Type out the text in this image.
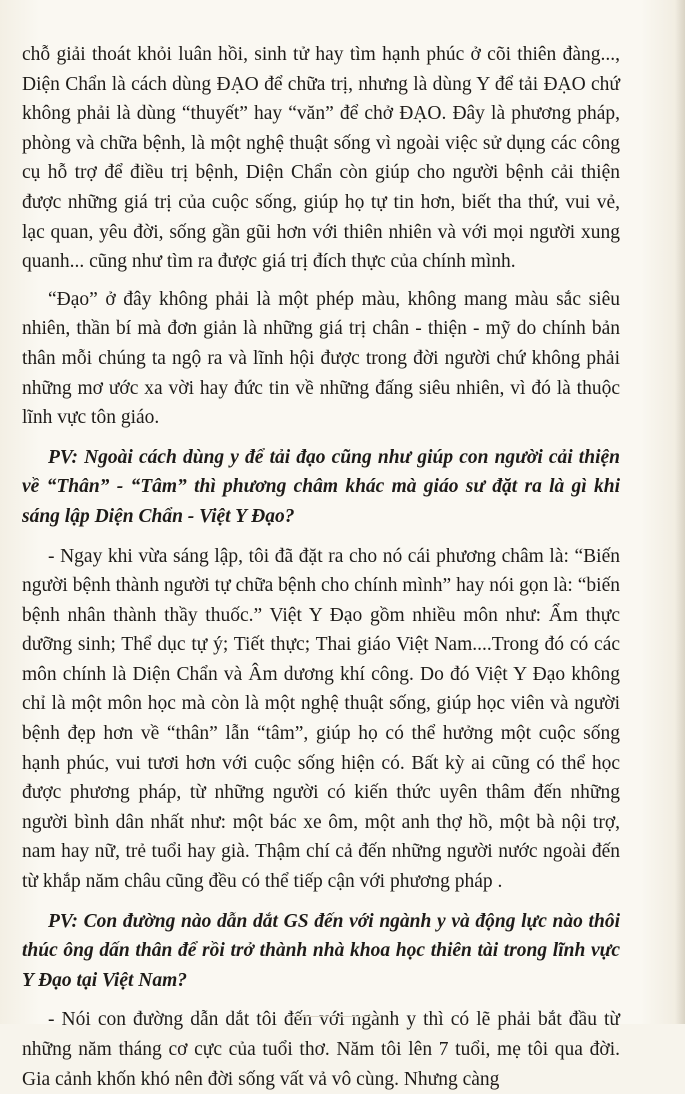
chỗ giải thoát khỏi luân hồi, sinh tử hay tìm hạnh phúc ở cõi thiên đàng..., Diện Chẩn là cách dùng ĐẠO để chữa trị, nhưng là dùng Y để tải ĐẠO chứ không phải là dùng “thuyết” hay “văn” để chở ĐẠO. Đây là phương pháp, phòng và chữa bệnh, là một nghệ thuật sống vì ngoài việc sử dụng các công cụ hỗ trợ để điều trị bệnh, Diện Chẩn còn giúp cho người bệnh cải thiện được những giá trị của cuộc sống, giúp họ tự tin hơn, biết tha thứ, vui vẻ, lạc quan, yêu đời, sống gần gũi hơn với thiên nhiên và với mọi người xung quanh... cũng như tìm ra được giá trị đích thực của chính mình.

“Đạo” ở đây không phải là một phép màu, không mang màu sắc siêu nhiên, thần bí mà đơn giản là những giá trị chân - thiện - mỹ do chính bản thân mỗi chúng ta ngộ ra và lĩnh hội được trong đời người chứ không phải những mơ ước xa vời hay đức tin về những đấng siêu nhiên, vì đó là thuộc lĩnh vực tôn giáo.

PV: Ngoài cách dùng y để tải đạo cũng như giúp con người cải thiện về “Thân” - “Tâm” thì phương châm khác mà giáo sư đặt ra là gì khi sáng lập Diện Chẩn - Việt Y Đạo?

- Ngay khi vừa sáng lập, tôi đã đặt ra cho nó cái phương châm là: “Biến người bệnh thành người tự chữa bệnh cho chính mình” hay nói gọn là: “biến bệnh nhân thành thầy thuốc.” Việt Y Đạo gồm nhiều môn như: Ẩm thực dưỡng sinh; Thể dục tự ý; Tiết thực; Thai giáo Việt Nam....Trong đó có các môn chính là Diện Chẩn và Âm dương khí công. Do đó Việt Y Đạo không chỉ là một môn học mà còn là một nghệ thuật sống, giúp học viên và người bệnh đẹp hơn về “thân” lẫn “tâm”, giúp họ có thể hưởng một cuộc sống hạnh phúc, vui tươi hơn với cuộc sống hiện có. Bất kỳ ai cũng có thể học được phương pháp, từ những người có kiến thức uyên thâm đến những người bình dân nhất như: một bác xe ôm, một anh thợ hồ, một bà nội trợ, nam hay nữ, trẻ tuổi hay già. Thậm chí cả đến những người nước ngoài đến từ khắp năm châu cũng đều có thể tiếp cận với phương pháp .

PV: Con đường nào dẫn dắt GS đến với ngành y và động lực nào thôi thúc ông dấn thân để rồi trở thành nhà khoa học thiên tài trong lĩnh vực Y Đạo tại Việt Nam?

- Nói con đường dẫn dắt tôi đến với ngành y thì có lẽ phải bắt đầu từ những năm tháng cơ cực của tuổi thơ. Năm tôi lên 7 tuổi, mẹ tôi qua đời. Gia cảnh khốn khó nên đời sống vất vả vô cùng. Nhưng càng
